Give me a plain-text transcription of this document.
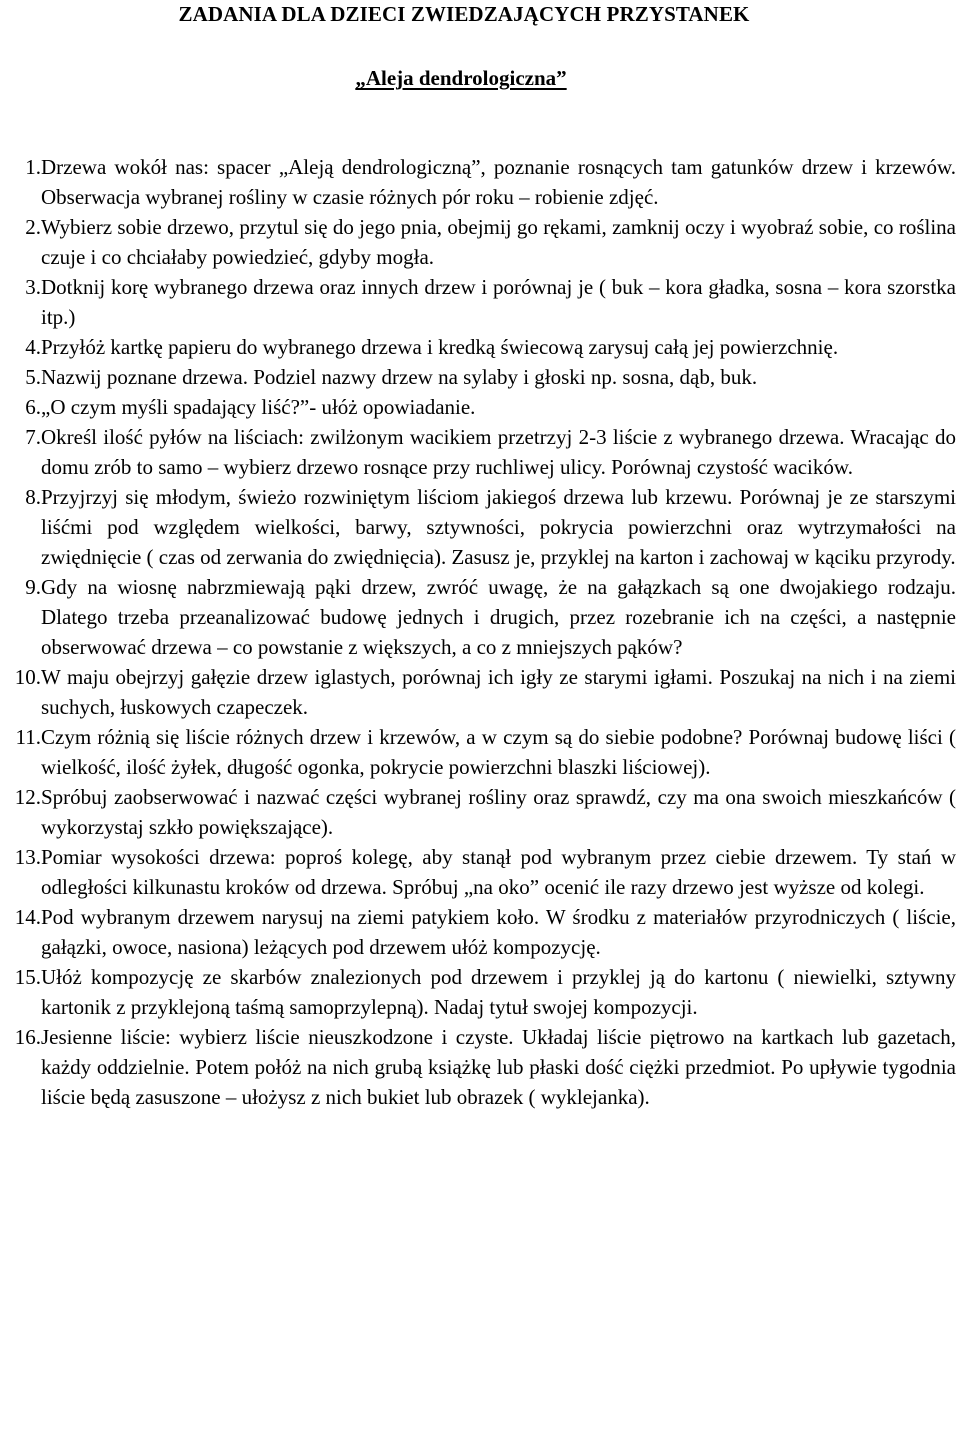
ZADANIA DLA DZIECI ZWIEDZAJĄCYCH PRZYSTANEK
„Aleja dendrologiczna”
1. Drzewa wokół nas: spacer „Aleją dendrologiczną”, poznanie rosnących tam gatunków drzew i krzewów. Obserwacja wybranej rośliny w czasie różnych pór roku – robienie zdjęć.
2. Wybierz sobie drzewo, przytul się do jego pnia, obejmij go rękami, zamknij oczy i wyobraź sobie, co roślina czuje i co chciałaby powiedzieć, gdyby mogła.
3. Dotknij korę wybranego drzewa oraz innych drzew i porównaj je ( buk – kora gładka, sosna – kora szorstka itp.)
4. Przyłóż kartkę papieru do wybranego drzewa i kredką świecową zarysuj całą jej powierzchnię.
5. Nazwij poznane drzewa. Podziel nazwy drzew na sylaby i głoski np. sosna, dąb, buk.
6. „O czym myśli spadający liść?”- ułóż opowiadanie.
7. Określ ilość pyłów na liściach: zwilżonym wacikiem przetrzyj 2-3 liście z wybranego drzewa. Wracając do domu zrób to samo – wybierz drzewo rosnące przy ruchliwej ulicy. Porównaj czystość wacików.
8. Przyjrzyj się młodym, świeżo rozwiniętym liściom jakiegoś drzewa lub krzewu. Porównaj je ze starszymi liśćmi pod względem wielkości, barwy, sztywności, pokrycia powierzchni oraz wytrzymałości na zwiędnięcie ( czas od zerwania do zwiędnięcia). Zasusz je, przyklej na karton i zachowaj w kąciku przyrody.
9. Gdy na wiosnę nabrzmiewają pąki drzew, zwróć uwagę, że na gałązkach są one dwojakiego rodzaju. Dlatego trzeba przeanalizować budowę jednych i drugich, przez rozebranie ich na części, a następnie obserwować drzewa – co powstanie z większych, a co z mniejszych pąków?
10. W maju obejrzyj gałęzie drzew iglastych, porównaj ich igły ze starymi igłami. Poszukaj na nich i na ziemi suchych, łuskowych czapeczek.
11. Czym różnią się liście różnych drzew i krzewów, a w czym są do siebie podobne? Porównaj budowę liści ( wielkość, ilość żyłek, długość ogonka, pokrycie powierzchni blaszki liściowej).
12. Spróbuj zaobserwować i nazwać części wybranej rośliny oraz sprawdź, czy ma ona swoich mieszkańców ( wykorzystaj szkło powiększające).
13. Pomiar wysokości drzewa: poproś kolegę, aby stanął pod wybranym przez ciebie drzewem. Ty stań w odległości kilkunastu kroków od drzewa. Spróbuj „na oko” ocenić ile razy drzewo jest wyższe od kolegi.
14. Pod wybranym drzewem narysuj na ziemi patykiem koło. W środku z materiałów przyrodniczych ( liście, gałązki, owoce, nasiona) leżących pod drzewem ułóż kompozycję.
15. Ułóż kompozycję ze skarbów znalezionych pod drzewem i przyklej ją do kartonu ( niewielki, sztywny kartonik z przyklejoną taśmą samoprzylepną). Nadaj tytuł swojej kompozycji.
16. Jesienne liście: wybierz liście nieuszkodzone i czyste. Układaj liście piętrowo na kartkach lub gazetach, każdy oddzielnie. Potem połóż na nich grubą książkę lub płaski dość ciężki przedmiot. Po upływie tygodnia liście będą zasuszone – ułożysz z nich bukiet lub obrazek ( wyklejanka).
